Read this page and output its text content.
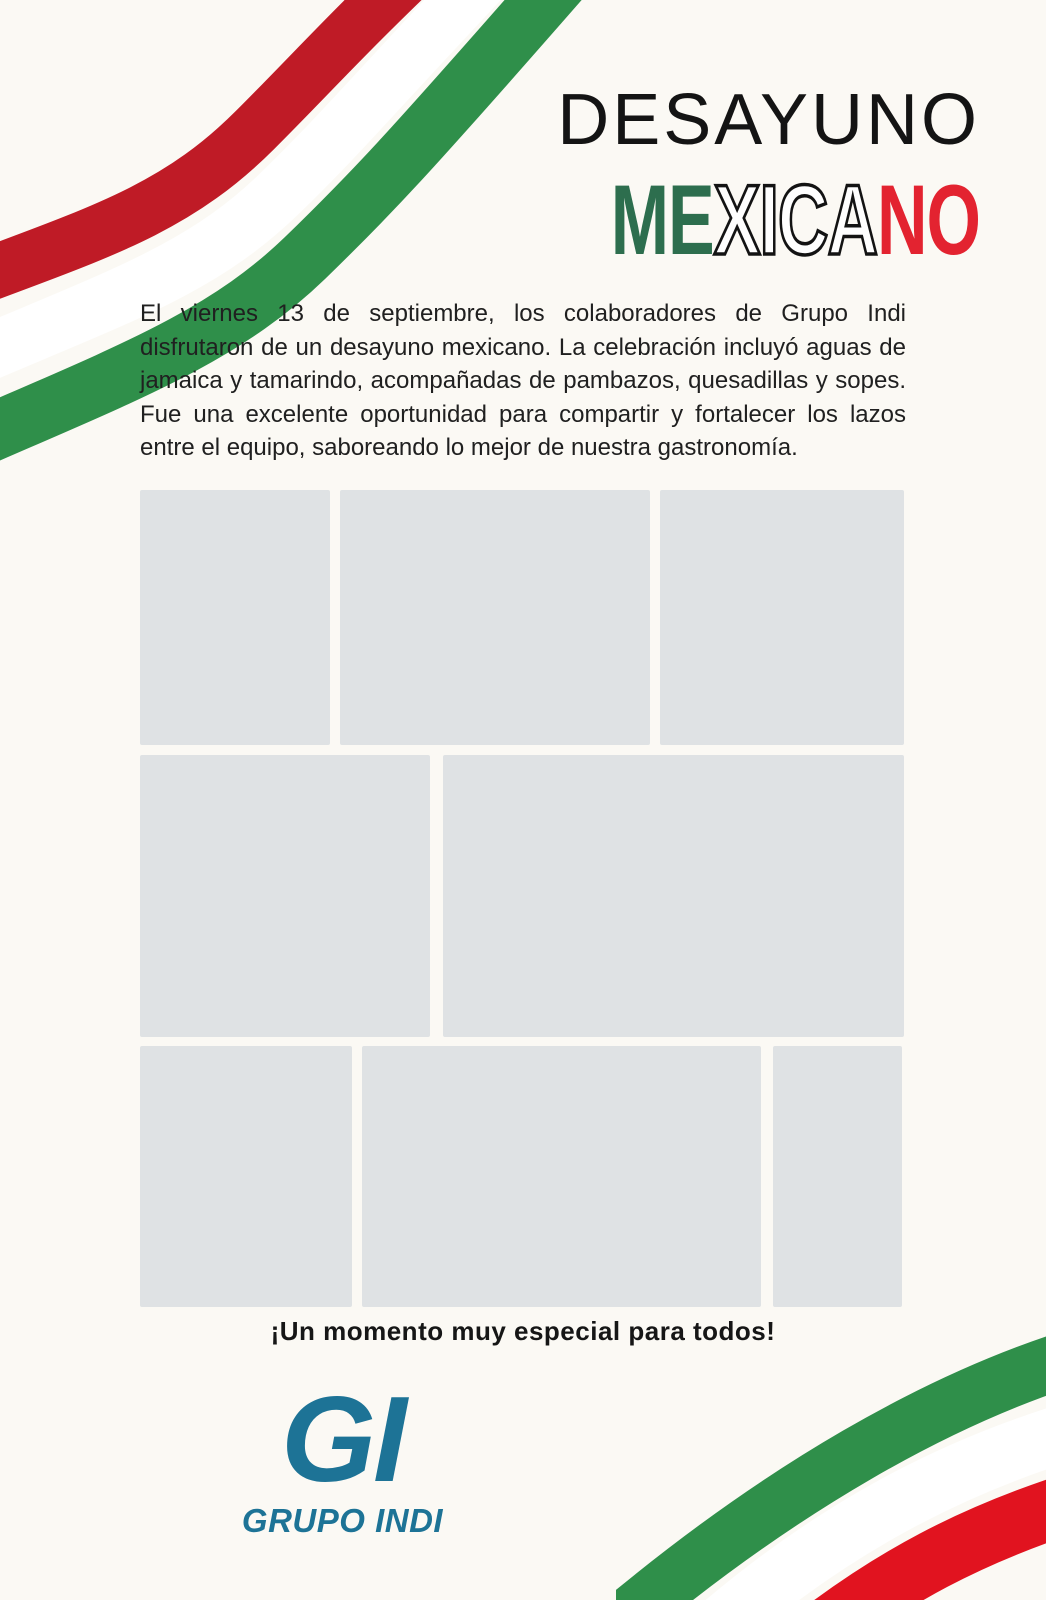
DESAYUNO
MEXICANO

El viernes 13 de septiembre, los colaboradores de Grupo Indi disfrutaron de un desayuno mexicano. La celebración incluyó aguas de jamaica y tamarindo, acompañadas de pambazos, quesadillas y sopes. Fue una excelente oportunidad para compartir y fortalecer los lazos entre el equipo, saboreando lo mejor de nuestra gastronomía.

¡Un momento muy especial para todos!
GI
GRUPO INDI
